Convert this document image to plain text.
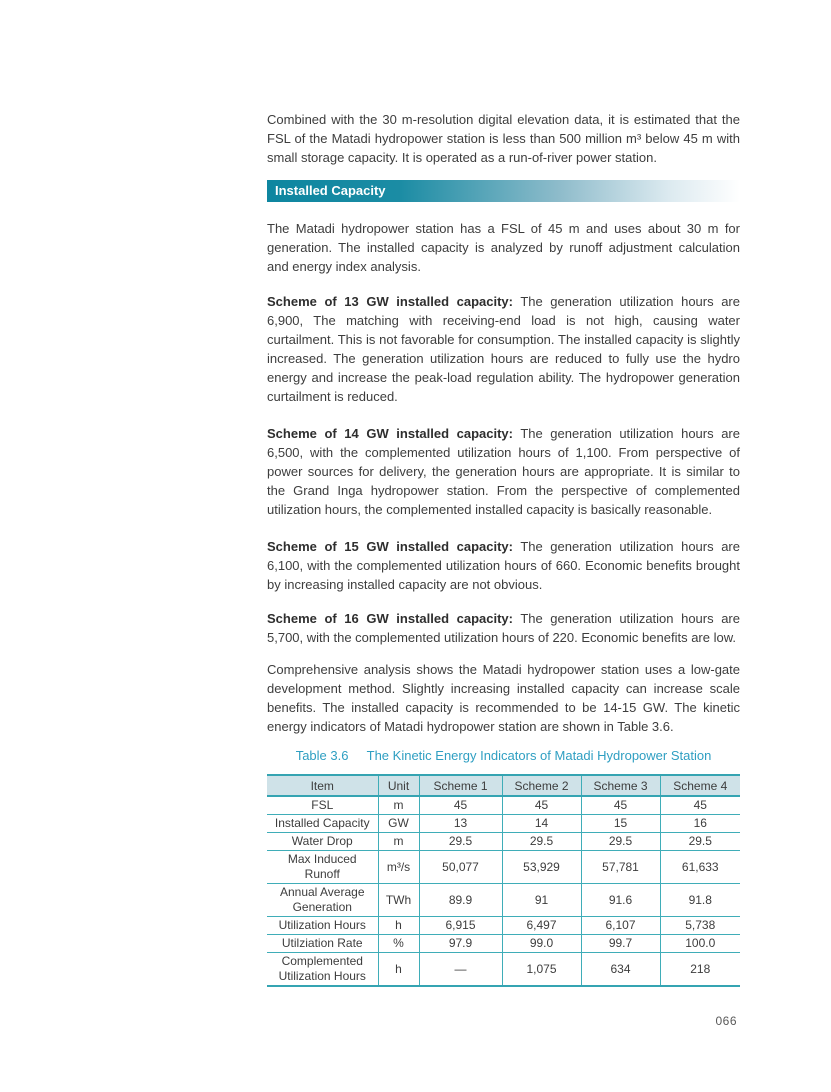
Combined with the 30 m-resolution digital elevation data, it is estimated that the FSL of the Matadi hydropower station is less than 500 million m³ below 45 m with small storage capacity. It is operated as a run-of-river power station.

Installed Capacity

The Matadi hydropower station has a FSL of 45 m and uses about 30 m for generation. The installed capacity is analyzed by runoff adjustment calculation and energy index analysis.

Scheme of 13 GW installed capacity: The generation utilization hours are 6,900, The matching with receiving-end load is not high, causing water curtailment. This is not favorable for consumption. The installed capacity is slightly increased. The generation utilization hours are reduced to fully use the hydro energy and increase the peak-load regulation ability. The hydropower generation curtailment is reduced.

Scheme of 14 GW installed capacity: The generation utilization hours are 6,500, with the complemented utilization hours of 1,100. From perspective of power sources for delivery, the generation hours are appropriate. It is similar to the Grand Inga hydropower station. From the perspective of complemented utilization hours, the complemented installed capacity is basically reasonable.

Scheme of 15 GW installed capacity: The generation utilization hours are 6,100, with the complemented utilization hours of 660. Economic benefits brought by increasing installed capacity are not obvious.

Scheme of 16 GW installed capacity: The generation utilization hours are 5,700, with the complemented utilization hours of 220. Economic benefits are low.

Comprehensive analysis shows the Matadi hydropower station uses a low-gate development method. Slightly increasing installed capacity can increase scale benefits. The installed capacity is recommended to be 14-15 GW. The kinetic energy indicators of Matadi hydropower station are shown in Table 3.6.

Table 3.6 The Kinetic Energy Indicators of Matadi Hydropower Station
Item	Unit	Scheme 1	Scheme 2	Scheme 3	Scheme 4
FSL	m	45	45	45	45
Installed Capacity	GW	13	14	15	16
Water Drop	m	29.5	29.5	29.5	29.5
Max Induced Runoff	m³/s	50,077	53,929	57,781	61,633
Annual Average Generation	TWh	89.9	91	91.6	91.8
Utilization Hours	h	6,915	6,497	6,107	5,738
Utilziation Rate	%	97.9	99.0	99.7	100.0
Complemented Utilization Hours	h	—	1,075	634	218
066
